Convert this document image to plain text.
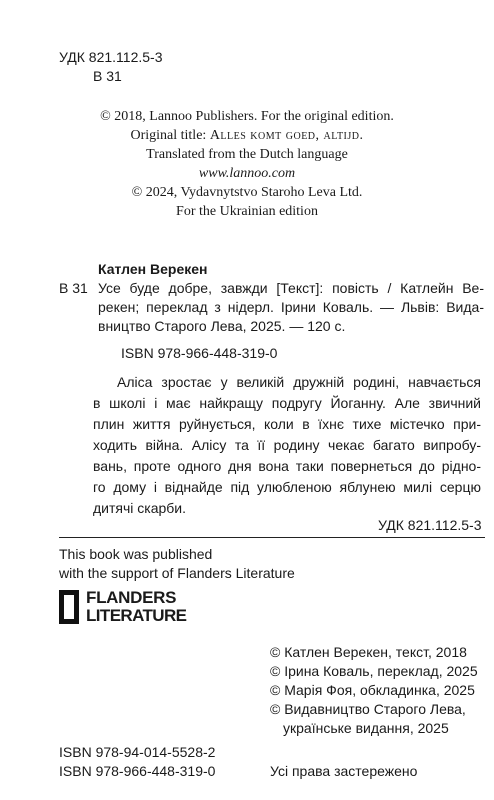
УДК 821.112.5-3
В 31
© 2018, Lannoo Publishers. For the original edition.
Original title: Alles komt goed, altijd.
Translated from the Dutch language
www.lannoo.com
© 2024, Vydavnytstvo Staroho Leva Ltd.
For the Ukrainian edition
Катлен Верекен
В 31 Усе буде добре, завжди [Текст]: повість / Катлейн Ве-
рекен; переклад з нідерл. Ірини Коваль. — Львів: Вида-
вництво Старого Лева, 2025. — 120 с.
ISBN 978-966-448-319-0
Аліса зростає у великій дружній родині, навчається
в школі і має найкращу подругу Йоганну. Але звичний
плин життя руйнується, коли в їхнє тихе містечко при-
ходить війна. Алісу та її родину чекає багато випробу-
вань, проте одного дня вона таки повернеться до рідно-
го дому і віднайде під улюбленою яблунею милі серцю
дитячі скарби.
УДК 821.112.5-3
This book was published
with the support of Flanders Literature
FLANDERS
LITERATURE
© Катлен Верекен, текст, 2018
© Ірина Коваль, переклад, 2025
© Марія Фоя, обкладинка, 2025
© Видавництво Старого Лева,
українське видання, 2025
ISBN 978-94-014-5528-2
ISBN 978-966-448-319-0	Усі права застережено
